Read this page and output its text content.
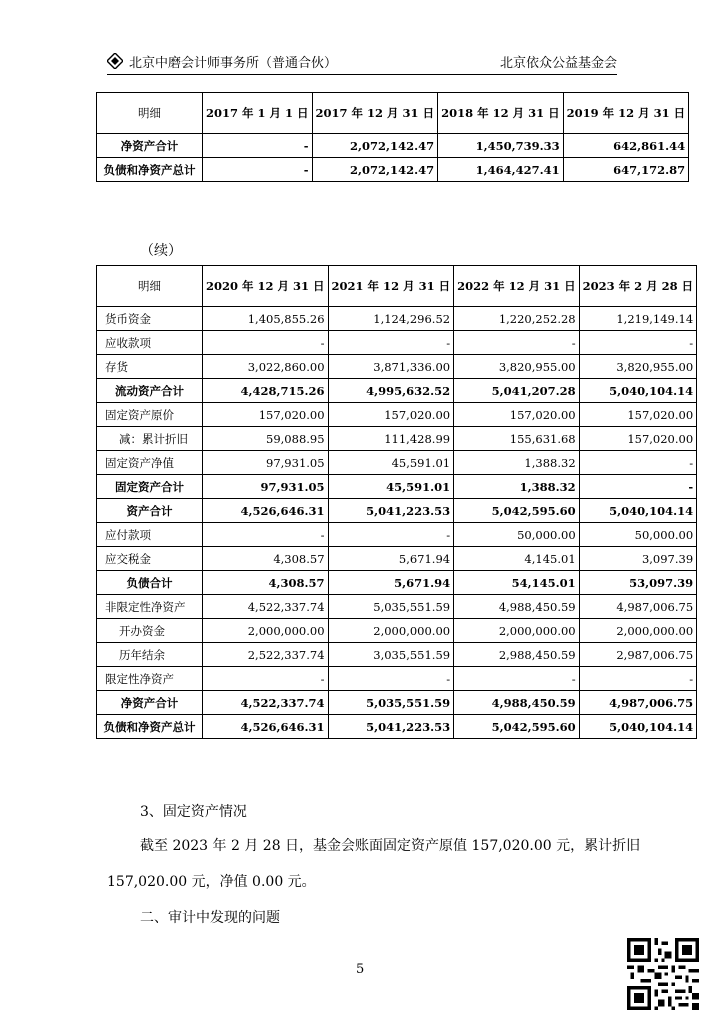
北京中磨会计师事务所（普通合伙）	北京依众公益基金会
明细	2017 年 1 月 1 日	2017 年 12 月 31 日	2018 年 12 月 31 日	2019 年 12 月 31 日
净资产合计	-	2,072,142.47	1,450,739.33	642,861.44
负债和净资产总计	-	2,072,142.47	1,464,427.41	647,172.87
（续）
明细	2020 年 12 月 31 日	2021 年 12 月 31 日	2022 年 12 月 31 日	2023 年 2 月 28 日
货币资金	1,405,855.26	1,124,296.52	1,220,252.28	1,219,149.14
应收款项	-	-	-	-
存货	3,022,860.00	3,871,336.00	3,820,955.00	3,820,955.00
流动资产合计	4,428,715.26	4,995,632.52	5,041,207.28	5,040,104.14
固定资产原价	157,020.00	157,020.00	157,020.00	157,020.00
减：累计折旧	59,088.95	111,428.99	155,631.68	157,020.00
固定资产净值	97,931.05	45,591.01	1,388.32	-
固定资产合计	97,931.05	45,591.01	1,388.32	-
资产合计	4,526,646.31	5,041,223.53	5,042,595.60	5,040,104.14
应付款项	-	-	50,000.00	50,000.00
应交税金	4,308.57	5,671.94	4,145.01	3,097.39
负债合计	4,308.57	5,671.94	54,145.01	53,097.39
非限定性净资产	4,522,337.74	5,035,551.59	4,988,450.59	4,987,006.75
开办资金	2,000,000.00	2,000,000.00	2,000,000.00	2,000,000.00
历年结余	2,522,337.74	3,035,551.59	2,988,450.59	2,987,006.75
限定性净资产	-	-	-	-
净资产合计	4,522,337.74	5,035,551.59	4,988,450.59	4,987,006.75
负债和净资产总计	4,526,646.31	5,041,223.53	5,042,595.60	5,040,104.14
3、固定资产情况
截至 2023 年 2 月 28 日，基金会账面固定资产原值 157,020.00 元，累计折旧
157,020.00 元，净值 0.00 元。
二、审计中发现的问题
5
